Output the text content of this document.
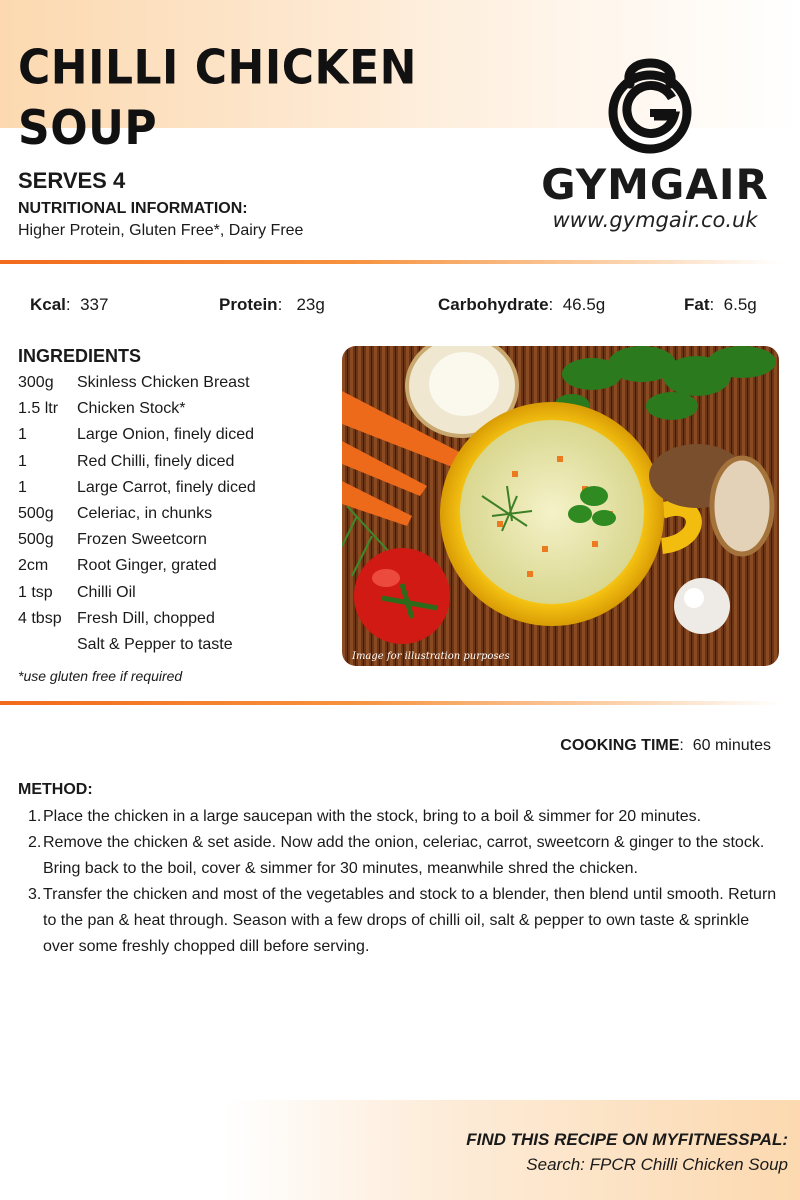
CHILLI CHICKEN SOUP
GYMGAIR
www.gymgair.co.uk
SERVES 4
NUTRITIONAL INFORMATION:
Higher Protein, Gluten Free*, Dairy Free
Kcal:  337	Protein:   23g	Carbohydrate:  46.5g	Fat:  6.5g
INGREDIENTS
300g Skinless Chicken Breast
1.5 ltr Chicken Stock*
1	Large Onion, finely diced
1	Red Chilli, finely diced
1	Large Carrot, finely diced
500g Celeriac, in chunks
500g Frozen Sweetcorn
2cm Root Ginger, grated
1 tsp Chilli Oil
4 tbsp Fresh Dill, chopped
Salt & Pepper to taste
*use gluten free if required
Image for illustration purposes
COOKING TIME:  60 minutes
METHOD:
1. Place the chicken in a large saucepan with the stock, bring to a boil & simmer for 20 minutes.
2. Remove the chicken & set aside. Now add the onion, celeriac, carrot, sweetcorn & ginger to the stock. Bring back to the boil, cover & simmer for 30 minutes, meanwhile shred the chicken.
3. Transfer the chicken and most of the vegetables and stock to a blender, then blend until smooth. Return to the pan & heat through. Season with a few drops of chilli oil, salt & pepper to own taste & sprinkle over some freshly chopped dill before serving.
FIND THIS RECIPE ON MYFITNESSPAL:
Search: FPCR Chilli Chicken Soup
